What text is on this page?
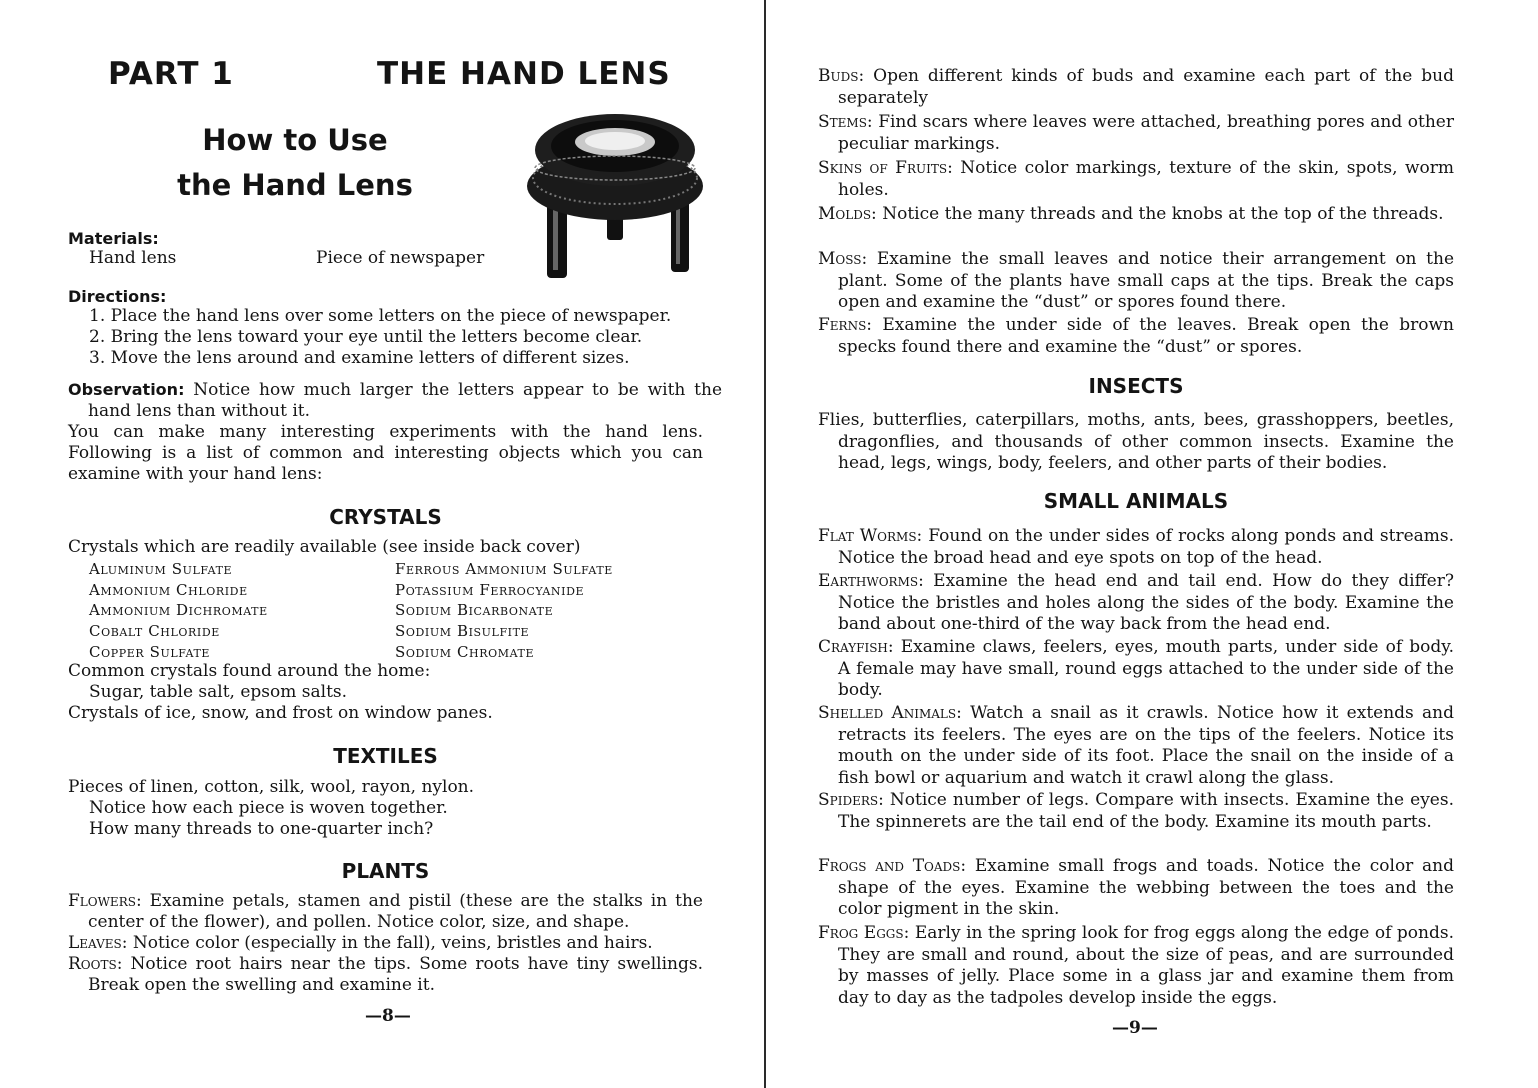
PART 1	THE HAND LENS
How to Use
the Hand Lens
Materials:
Hand lens	Piece of newspaper
Directions:
1. Place the hand lens over some letters on the piece of newspaper.
2. Bring the lens toward your eye until the letters become clear.
3. Move the lens around and examine letters of different sizes.
Observation: Notice how much larger the letters appear to be with the hand lens than without it.
You can make many interesting experiments with the hand lens. Following is a list of common and interesting objects which you can examine with your hand lens:
CRYSTALS
Crystals which are readily available (see inside back cover)
Aluminum Sulfate
Ammonium Chloride
Ammonium Dichromate
Cobalt Chloride
Copper Sulfate
Ferrous Ammonium Sulfate
Potassium Ferrocyanide
Sodium Bicarbonate
Sodium Bisulfite
Sodium Chromate
Common crystals found around the home:
Sugar, table salt, epsom salts.
Crystals of ice, snow, and frost on window panes.
TEXTILES
Pieces of linen, cotton, silk, wool, rayon, nylon.
Notice how each piece is woven together.
How many threads to one-quarter inch?
PLANTS
Flowers: Examine petals, stamen and pistil (these are the stalks in the center of the flower), and pollen. Notice color, size, and shape.
Leaves: Notice color (especially in the fall), veins, bristles and hairs.
Roots: Notice root hairs near the tips. Some roots have tiny swellings. Break open the swelling and examine it.
—8—
Buds: Open different kinds of buds and examine each part of the bud separately
Stems: Find scars where leaves were attached, breathing pores and other peculiar markings.
Skins of Fruits: Notice color markings, texture of the skin, spots, worm holes.
Molds: Notice the many threads and the knobs at the top of the threads.
Moss: Examine the small leaves and notice their arrangement on the plant. Some of the plants have small caps at the tips. Break the caps open and examine the “dust” or spores found there.
Ferns: Examine the under side of the leaves. Break open the brown specks found there and examine the “dust” or spores.
INSECTS
Flies, butterflies, caterpillars, moths, ants, bees, grasshoppers, beetles, dragonflies, and thousands of other common insects. Examine the head, legs, wings, body, feelers, and other parts of their bodies.
SMALL ANIMALS
Flat Worms: Found on the under sides of rocks along ponds and streams. Notice the broad head and eye spots on top of the head.
Earthworms: Examine the head end and tail end. How do they differ? Notice the bristles and holes along the sides of the body. Examine the band about one-third of the way back from the head end.
Crayfish: Examine claws, feelers, eyes, mouth parts, under side of body. A female may have small, round eggs attached to the under side of the body.
Shelled Animals: Watch a snail as it crawls. Notice how it extends and retracts its feelers. The eyes are on the tips of the feelers. Notice its mouth on the under side of its foot. Place the snail on the inside of a fish bowl or aquarium and watch it crawl along the glass.
Spiders: Notice number of legs. Compare with insects. Examine the eyes. The spinnerets are the tail end of the body. Examine its mouth parts.
Frogs and Toads: Examine small frogs and toads. Notice the color and shape of the eyes. Examine the webbing between the toes and the color pigment in the skin.
Frog Eggs: Early in the spring look for frog eggs along the edge of ponds. They are small and round, about the size of peas, and are surrounded by masses of jelly. Place some in a glass jar and examine them from day to day as the tadpoles develop inside the eggs.
—9—
